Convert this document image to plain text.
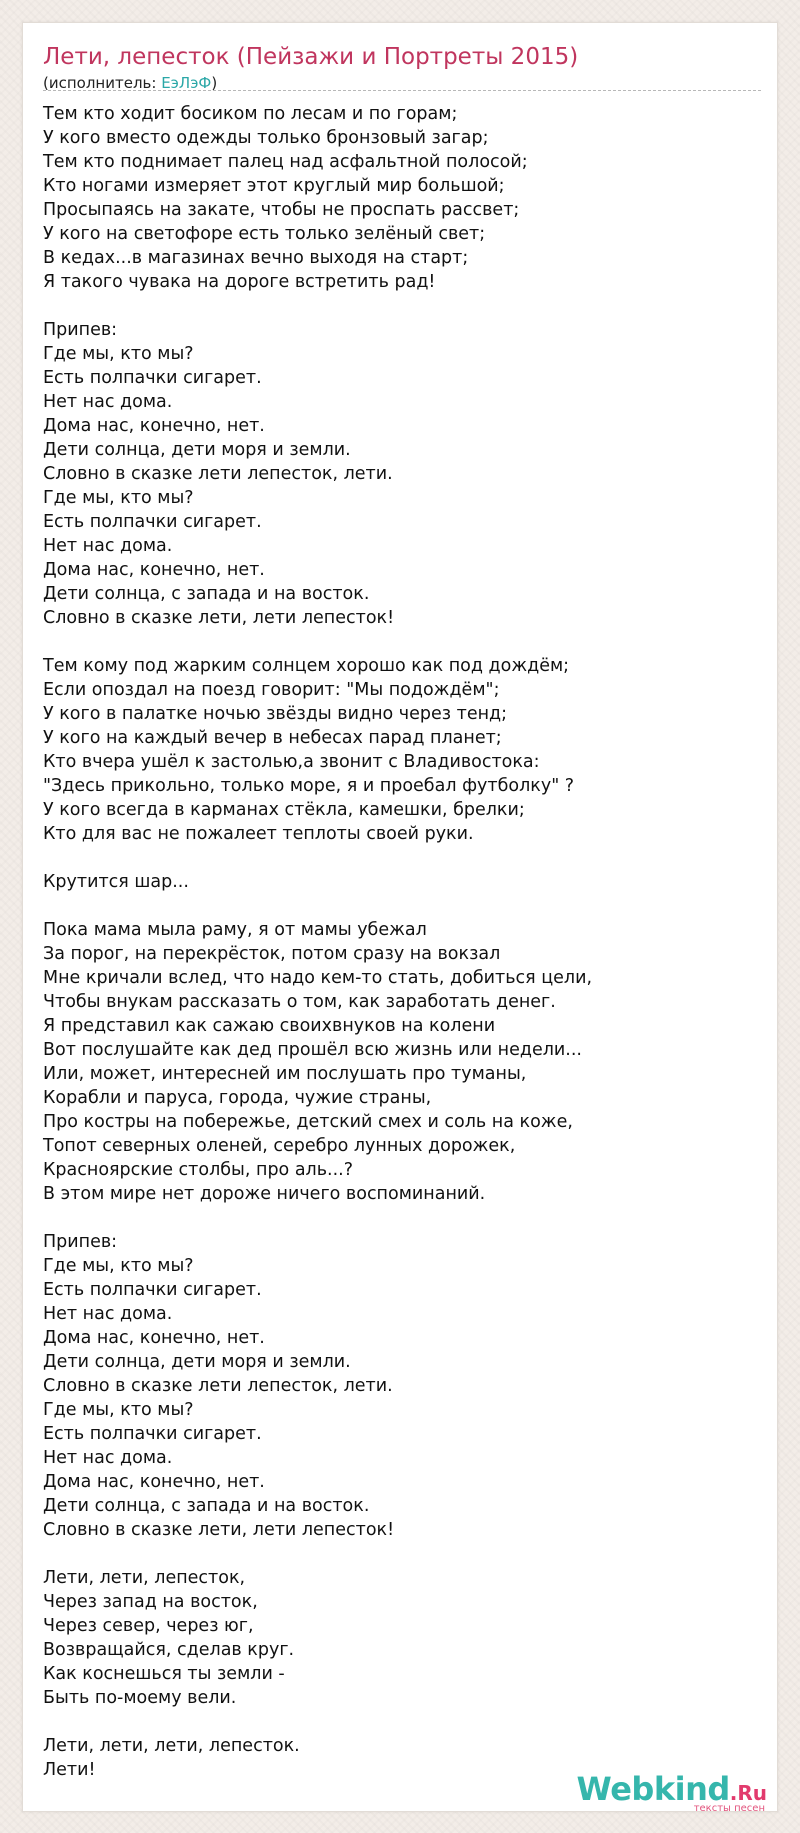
Лети, лепесток (Пейзажи и Портреты 2015)
(исполнитель: ЕэЛэФ)
Тем кто ходит босиком по лесам и по горам;
У кого вместо одежды только бронзовый загар;
Тем кто поднимает палец над асфальтной полосой;
Кто ногами измеряет этот круглый мир большой;
Просыпаясь на закате, чтобы не проспать рассвет;
У кого на светофоре есть только зелёный свет;
В кедах...в магазинах вечно выходя на старт;
Я такого чувака на дороге встретить рад!
Припев:
Где мы, кто мы?
Есть полпачки сигарет.
Нет нас дома.
Дома нас, конечно, нет.
Дети солнца, дети моря и земли.
Словно в сказке лети лепесток, лети.
Где мы, кто мы?
Есть полпачки сигарет.
Нет нас дома.
Дома нас, конечно, нет.
Дети солнца, с запада и на восток.
Словно в сказке лети, лети лепесток!
Тем кому под жарким солнцем хорошо как под дождём;
Если опоздал на поезд говорит: "Мы подождём";
У кого в палатке ночью звёзды видно через тенд;
У кого на каждый вечер в небесах парад планет;
Кто вчера ушёл к застолью,а звонит с Владивостока:
"Здесь прикольно, только море, я и проебал футболку" ?
У кого всегда в карманах стёкла, камешки, брелки;
Кто для вас не пожалеет теплоты своей руки.
Крутится шар...
Пока мама мыла раму, я от мамы убежал
За порог, на перекрёсток, потом сразу на вокзал
Мне кричали вслед, что надо кем-то стать, добиться цели,
Чтобы внукам рассказать о том, как заработать денег.
Я представил как сажаю своихвнуков на колени
Вот послушайте как дед прошёл всю жизнь или недели...
Или, может, интересней им послушать про туманы,
Корабли и паруса, города, чужие страны,
Про костры на побережье, детский смех и соль на коже,
Топот северных оленей, серебро лунных дорожек,
Красноярские столбы, про аль...?
В этом мире нет дороже ничего воспоминаний.
Припев:
Где мы, кто мы?
Есть полпачки сигарет.
Нет нас дома.
Дома нас, конечно, нет.
Дети солнца, дети моря и земли.
Словно в сказке лети лепесток, лети.
Где мы, кто мы?
Есть полпачки сигарет.
Нет нас дома.
Дома нас, конечно, нет.
Дети солнца, с запада и на восток.
Словно в сказке лети, лети лепесток!
Лети, лети, лепесток,
Через запад на восток,
Через север, через юг,
Возвращайся, сделав круг.
Как коснешься ты земли -
Быть по-моему вели.
Лети, лети, лети, лепесток.
Лети!	Webkind.Ru
тексты песен
